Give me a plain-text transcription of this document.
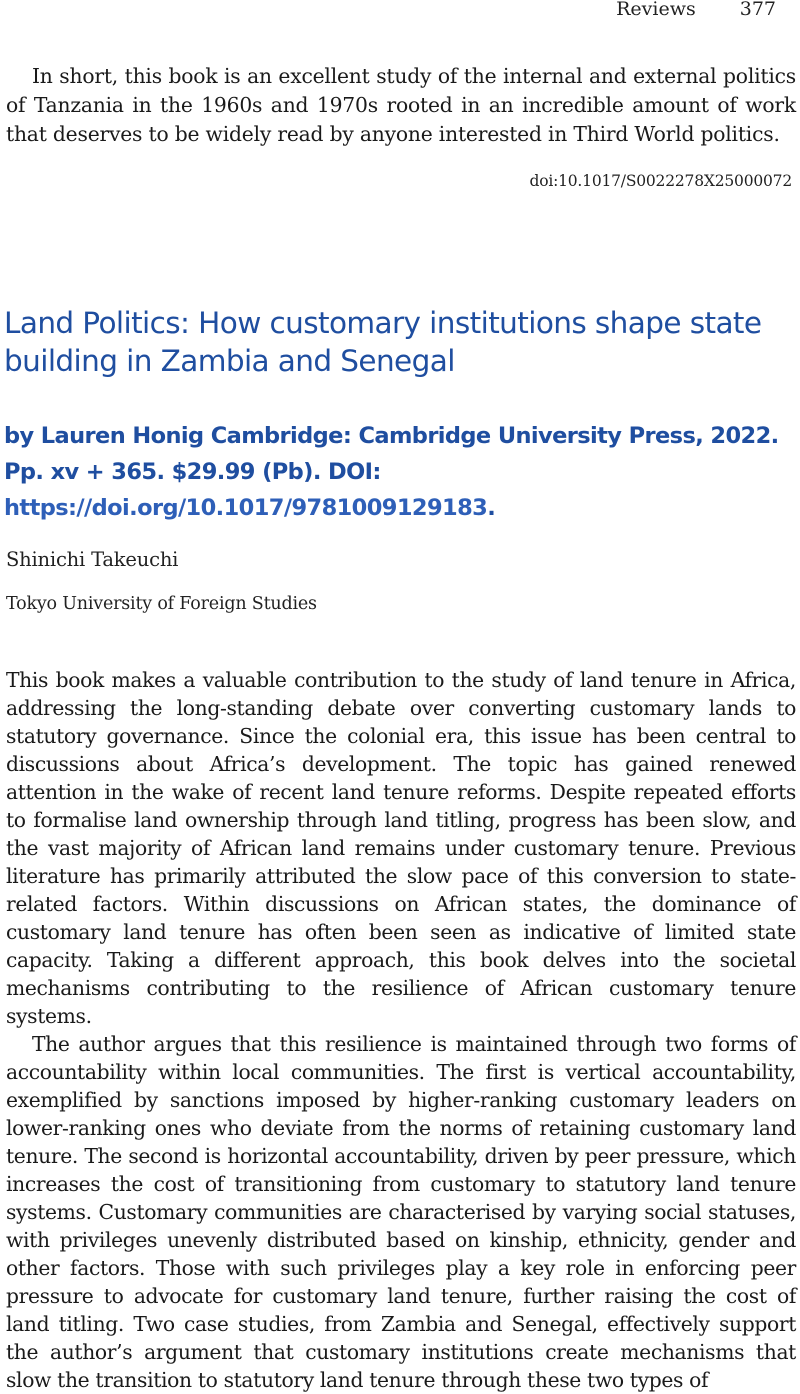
Reviews 377

In short, this book is an excellent study of the internal and external politics of Tanzania in the 1960s and 1970s rooted in an incredible amount of work that deserves to be widely read by anyone interested in Third World politics.

doi:10.1017/S0022278X25000072
Land Politics: How customary institutions shape state building in Zambia and Senegal

by Lauren Honig Cambridge: Cambridge University Press, 2022. Pp. xv + 365. $29.99 (Pb). DOI: https://doi.org/10.1017/9781009129183.

Shinichi Takeuchi
Tokyo University of Foreign Studies

This book makes a valuable contribution to the study of land tenure in Africa, addressing the long-standing debate over converting customary lands to statutory governance. Since the colonial era, this issue has been central to discussions about Africa’s development. The topic has gained renewed attention in the wake of recent land tenure reforms. Despite repeated efforts to formalise land ownership through land titling, progress has been slow, and the vast majority of African land remains under customary tenure. Previous literature has primarily attributed the slow pace of this conversion to state-related factors. Within discussions on African states, the dominance of customary land tenure has often been seen as indicative of limited state capacity. Taking a different approach, this book delves into the societal mechanisms contributing to the resilience of African customary tenure systems.

The author argues that this resilience is maintained through two forms of accountability within local communities. The first is vertical accountability, exemplified by sanctions imposed by higher-ranking customary leaders on lower-ranking ones who deviate from the norms of retaining customary land tenure. The second is horizontal accountability, driven by peer pressure, which increases the cost of transitioning from customary to statutory land tenure systems. Customary communities are characterised by varying social statuses, with privileges unevenly distributed based on kinship, ethnicity, gender and other factors. Those with such privileges play a key role in enforcing peer pressure to advocate for customary land tenure, further raising the cost of land titling. Two case studies, from Zambia and Senegal, effectively support the author’s argument that customary institutions create mechanisms that slow the transition to statutory land tenure through these two types of
